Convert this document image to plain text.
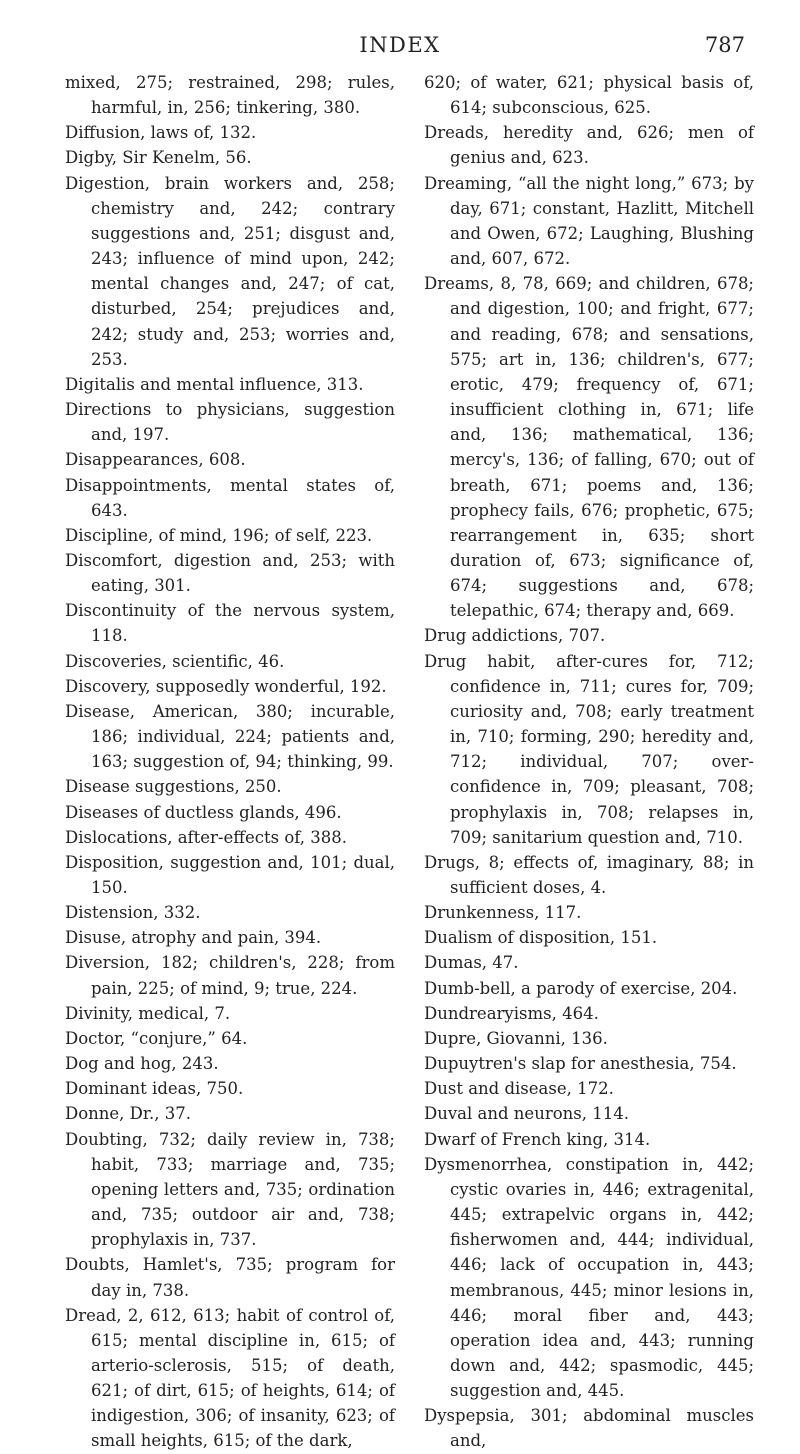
INDEX	787

mixed, 275; restrained, 298; rules, harmful, in, 256; tinkering, 380.

Diffusion, laws of, 132.

Digby, Sir Kenelm, 56.

Digestion, brain workers and, 258; chemistry and, 242; contrary suggestions and, 251; disgust and, 243; influence of mind upon, 242; mental changes and, 247; of cat, disturbed, 254; prejudices and, 242; study and, 253; worries and, 253.

Digitalis and mental influence, 313.

Directions to physicians, suggestion and, 197.

Disappearances, 608.

Disappointments, mental states of, 643.

Discipline, of mind, 196; of self, 223.

Discomfort, digestion and, 253; with eating, 301.

Discontinuity of the nervous system, 118.

Discoveries, scientific, 46.

Discovery, supposedly wonderful, 192.

Disease, American, 380; incurable, 186; individual, 224; patients and, 163; suggestion of, 94; thinking, 99.

Disease suggestions, 250.

Diseases of ductless glands, 496.

Dislocations, after-effects of, 388.

Disposition, suggestion and, 101; dual, 150.

Distension, 332.

Disuse, atrophy and pain, 394.

Diversion, 182; children's, 228; from pain, 225; of mind, 9; true, 224.

Divinity, medical, 7.

Doctor, “conjure,” 64.

Dog and hog, 243.

Dominant ideas, 750.

Donne, Dr., 37.

Doubting, 732; daily review in, 738; habit, 733; marriage and, 735; opening letters and, 735; ordination and, 735; outdoor air and, 738; prophylaxis in, 737.

Doubts, Hamlet's, 735; program for day in, 738.

Dread, 2, 612, 613; habit of control of, 615; mental discipline in, 615; of arterio-sclerosis, 515; of death, 621; of dirt, 615; of heights, 614; of indigestion, 306; of insanity, 623; of small heights, 615; of the dark,

620; of water, 621; physical basis of, 614; subconscious, 625.

Dreads, heredity and, 626; men of genius and, 623.

Dreaming, “all the night long,” 673; by day, 671; constant, Hazlitt, Mitchell and Owen, 672; Laughing, Blushing and, 607, 672.

Dreams, 8, 78, 669; and children, 678; and digestion, 100; and fright, 677; and reading, 678; and sensations, 575; art in, 136; children's, 677; erotic, 479; frequency of, 671; insufficient clothing in, 671; life and, 136; mathematical, 136; mercy's, 136; of falling, 670; out of breath, 671; poems and, 136; prophecy fails, 676; prophetic, 675; rearrangement in, 635; short duration of, 673; significance of, 674; suggestions and, 678; telepathic, 674; therapy and, 669.

Drug addictions, 707.

Drug habit, after-cures for, 712; confidence in, 711; cures for, 709; curiosity and, 708; early treatment in, 710; forming, 290; heredity and, 712; individual, 707; over-confidence in, 709; pleasant, 708; prophylaxis in, 708; relapses in, 709; sanitarium question and, 710.

Drugs, 8; effects of, imaginary, 88; in sufficient doses, 4.

Drunkenness, 117.

Dualism of disposition, 151.

Dumas, 47.

Dumb-bell, a parody of exercise, 204.

Dundrearyisms, 464.

Dupre, Giovanni, 136.

Dupuytren's slap for anesthesia, 754.

Dust and disease, 172.

Duval and neurons, 114.

Dwarf of French king, 314.

Dysmenorrhea, constipation in, 442; cystic ovaries in, 446; extragenital, 445; extrapelvic organs in, 442; fisherwomen and, 444; individual, 446; lack of occupation in, 443; membranous, 445; minor lesions in, 446; moral fiber and, 443; operation idea and, 443; running down and, 442; spasmodic, 445; suggestion and, 445.

Dyspepsia, 301; abdominal muscles and,
